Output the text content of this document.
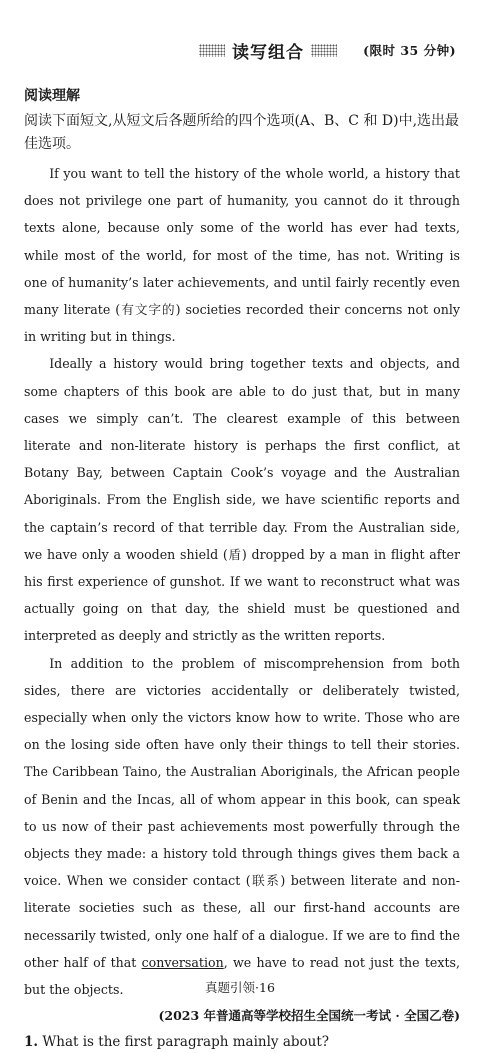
读写组合	(限时 35 分钟)
阅读理解
阅读下面短文,从短文后各题所给的四个选项(A、B、C 和 D)中,选出最佳选项。

If you want to tell the history of the whole world, a history that does not privilege one part of humanity, you cannot do it through texts alone, because only some of the world has ever had texts, while most of the world, for most of the time, has not. Writing is one of humanity’s later achievements, and until fairly recently even many literate (有文字的) societies recorded their concerns not only in writing but in things.

Ideally a history would bring together texts and objects, and some chapters of this book are able to do just that, but in many cases we simply can’t. The clearest example of this between literate and non-literate history is perhaps the first conflict, at Botany Bay, between Captain Cook’s voyage and the Australian Aboriginals. From the English side, we have scientific reports and the captain’s record of that terrible day. From the Australian side, we have only a wooden shield (盾) dropped by a man in flight after his first experience of gunshot. If we want to reconstruct what was actually going on that day, the shield must be questioned and interpreted as deeply and strictly as the written reports.

In addition to the problem of miscomprehension from both sides, there are victories accidentally or deliberately twisted, especially when only the victors know how to write. Those who are on the losing side often have only their things to tell their stories. The Caribbean Taino, the Australian Aboriginals, the African people of Benin and the Incas, all of whom appear in this book, can speak to us now of their past achievements most powerfully through the objects they made: a history told through things gives them back a voice. When we consider contact (联系) between literate and non-literate societies such as these, all our first-hand accounts are necessarily twisted, only one half of a dialogue. If we are to find the other half of that conversation, we have to read not just the texts, but the objects.

(2023 年普通高等学校招生全国统一考试 · 全国乙卷)
1. What is the first paragraph mainly about?
真题引领·16
